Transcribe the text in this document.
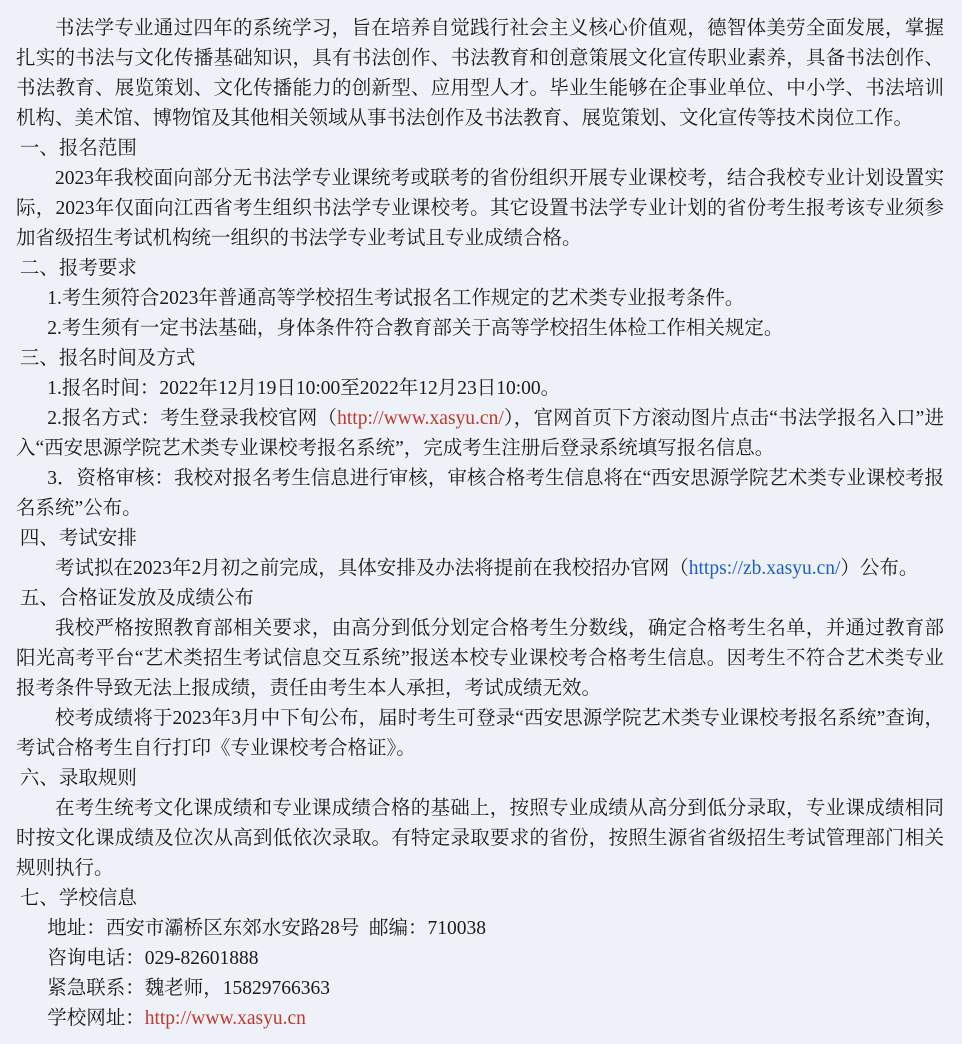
书法学专业通过四年的系统学习，旨在培养自觉践行社会主义核心价值观，德智体美劳全面发展，掌握扎实的书法与文化传播基础知识，具有书法创作、书法教育和创意策展文化宣传职业素养，具备书法创作、书法教育、展览策划、文化传播能力的创新型、应用型人才。毕业生能够在企事业单位、中小学、书法培训机构、美术馆、博物馆及其他相关领域从事书法创作及书法教育、展览策划、文化宣传等技术岗位工作。

一、报名范围

2023年我校面向部分无书法学专业课统考或联考的省份组织开展专业课校考，结合我校专业计划设置实际，2023年仅面向江西省考生组织书法学专业课校考。其它设置书法学专业计划的省份考生报考该专业须参加省级招生考试机构统一组织的书法学专业考试且专业成绩合格。

二、报考要求

1.考生须符合2023年普通高等学校招生考试报名工作规定的艺术类专业报考条件。

2.考生须有一定书法基础，身体条件符合教育部关于高等学校招生体检工作相关规定。

三、报名时间及方式

1.报名时间：2022年12月19日10:00至2022年12月23日10:00。

2.报名方式：考生登录我校官网（http://www.xasyu.cn/），官网首页下方滚动图片点击“书法学报名入口”进入“西安思源学院艺术类专业课校考报名系统”，完成考生注册后登录系统填写报名信息。

3．资格审核：我校对报名考生信息进行审核，审核合格考生信息将在“西安思源学院艺术类专业课校考报名系统”公布。

四、考试安排

考试拟在2023年2月初之前完成，具体安排及办法将提前在我校招办官网（https://zb.xasyu.cn/）公布。

五、合格证发放及成绩公布

我校严格按照教育部相关要求，由高分到低分划定合格考生分数线，确定合格考生名单，并通过教育部阳光高考平台“艺术类招生考试信息交互系统”报送本校专业课校考合格考生信息。因考生不符合艺术类专业报考条件导致无法上报成绩，责任由考生本人承担，考试成绩无效。

校考成绩将于2023年3月中下旬公布，届时考生可登录“西安思源学院艺术类专业课校考报名系统”查询，考试合格考生自行打印《专业课校考合格证》。

六、录取规则

在考生统考文化课成绩和专业课成绩合格的基础上，按照专业成绩从高分到低分录取，专业课成绩相同时按文化课成绩及位次从高到低依次录取。有特定录取要求的省份，按照生源省省级招生考试管理部门相关规则执行。

七、学校信息

地址：西安市灞桥区东郊水安路28号 邮编：710038

咨询电话：029-82601888

紧急联系：魏老师，15829766363

学校网址：http://www.xasyu.cn
